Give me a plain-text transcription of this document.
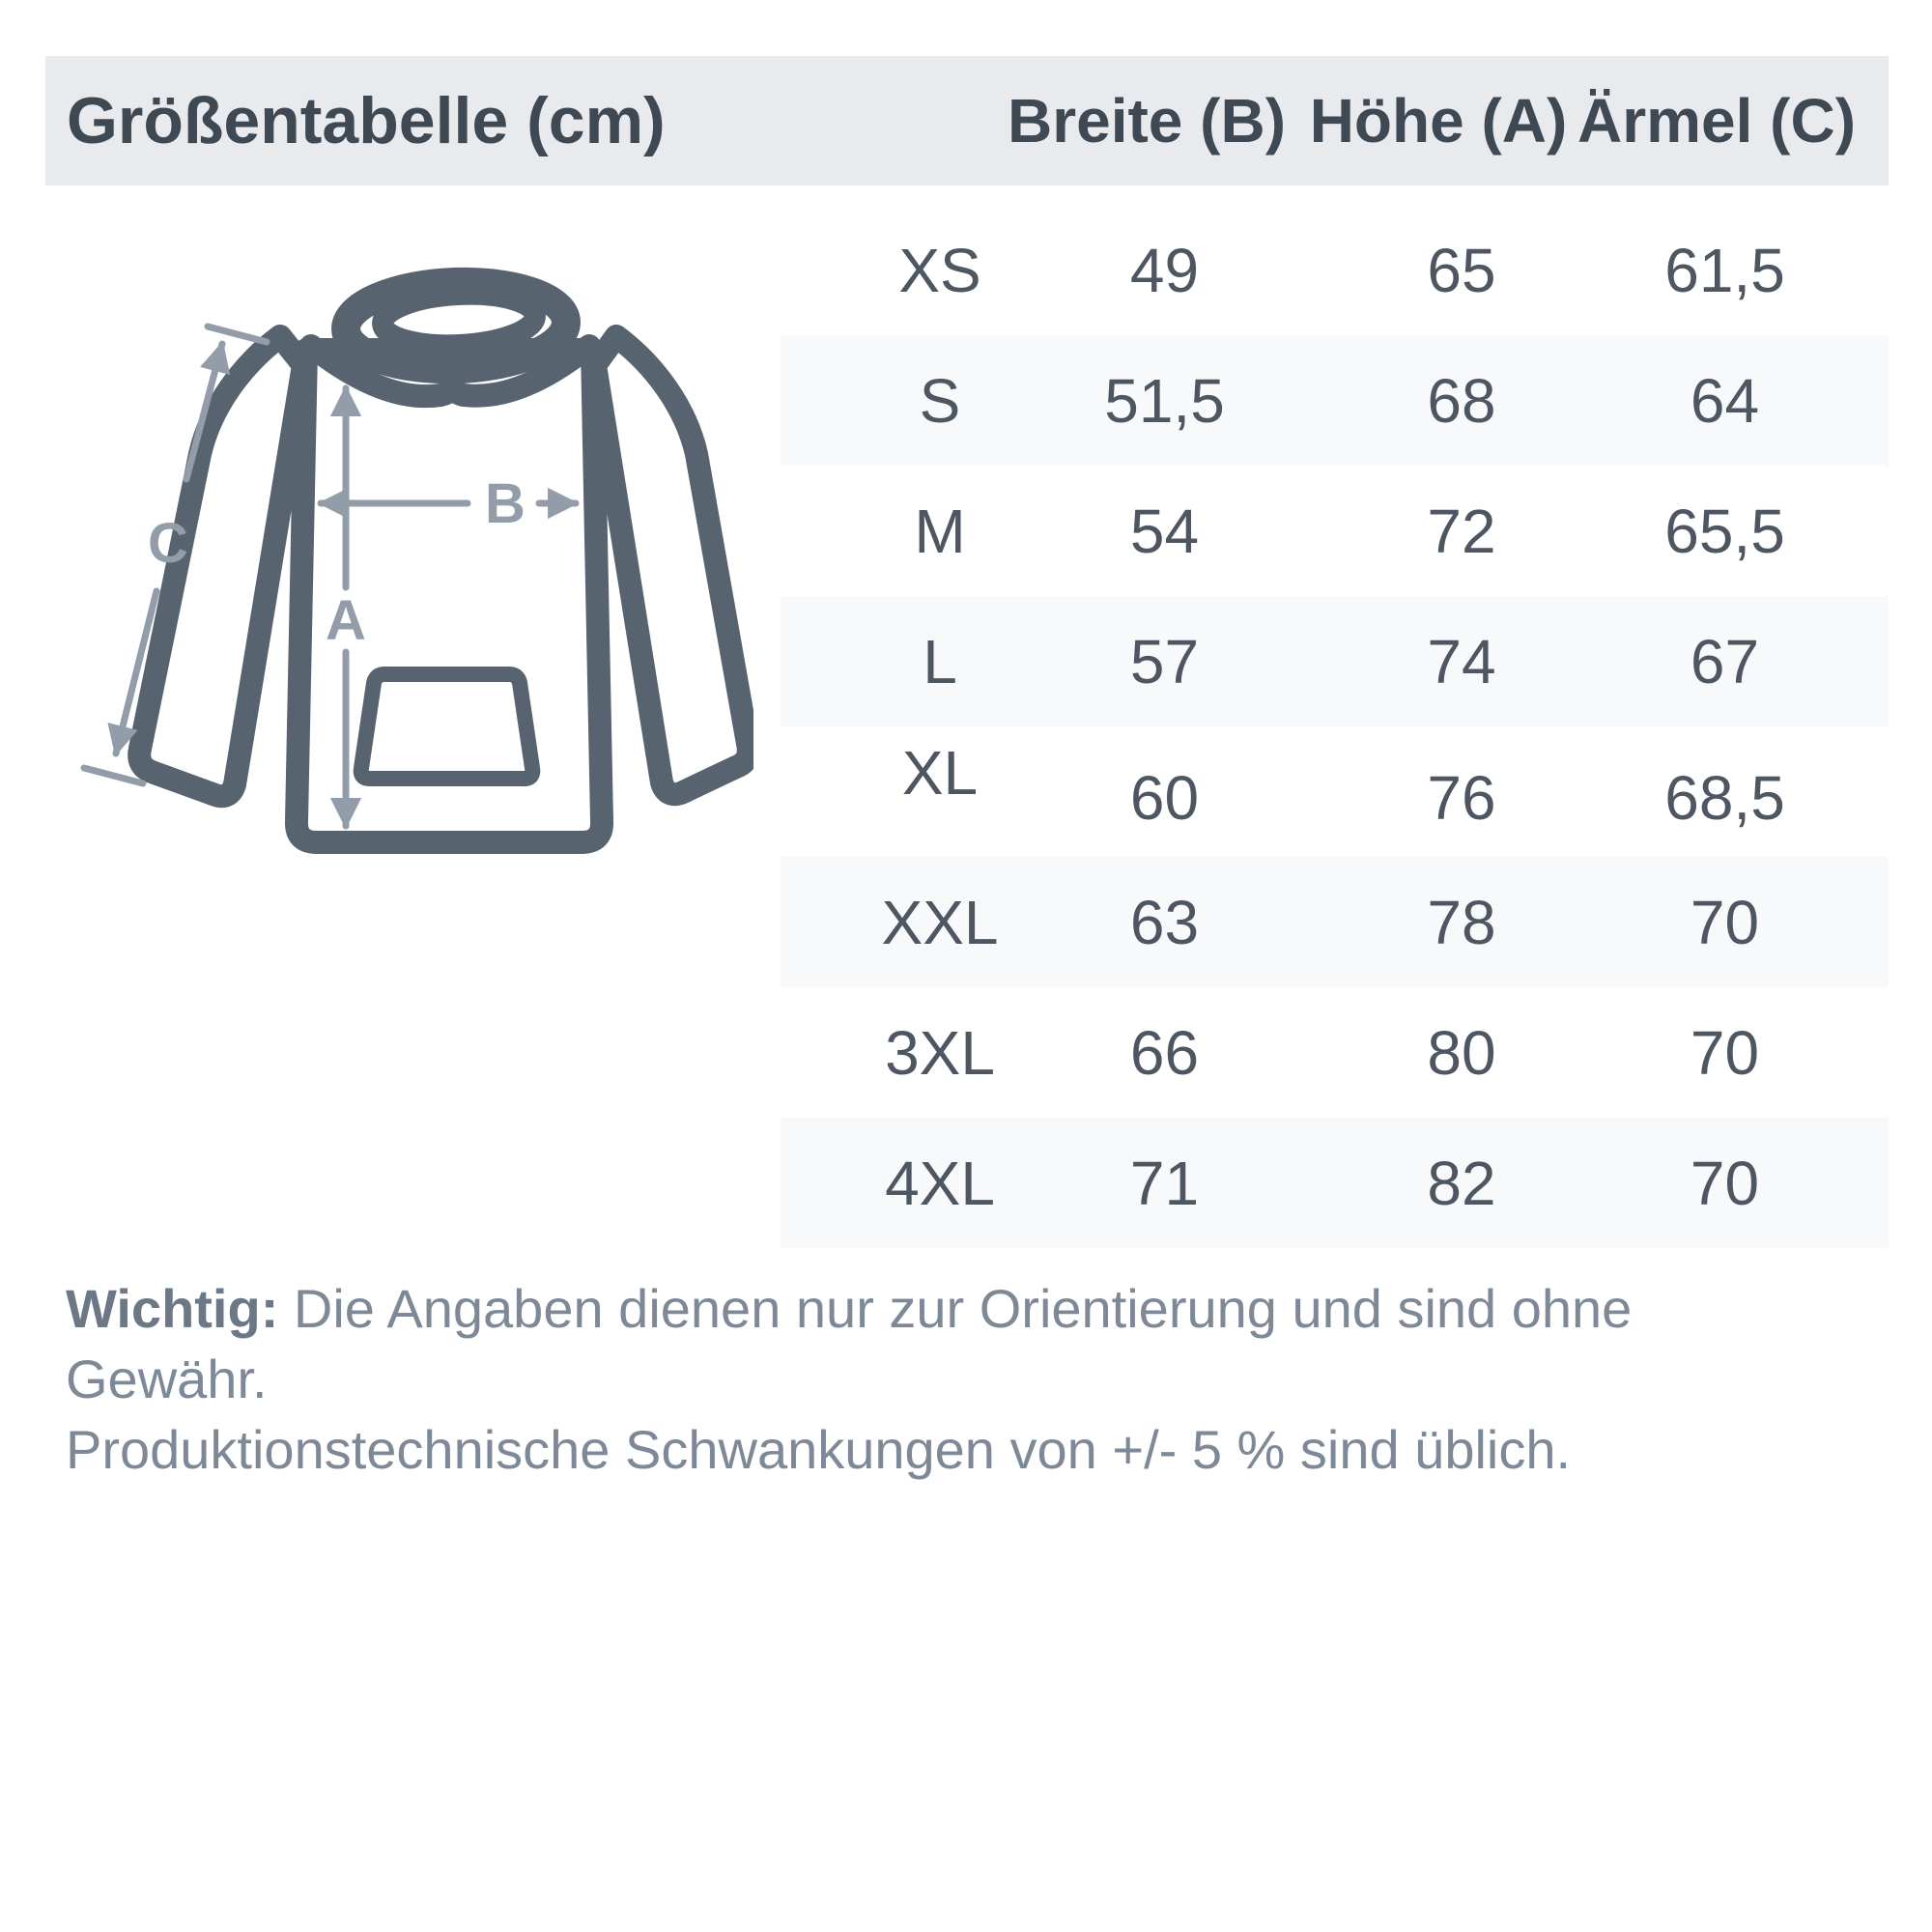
Größentabelle (cm)	Breite (B) Höhe (A) Ärmel (C)
XS	49	65	61,5
S	51,5	68	64
M	54	72	65,5
L	57	74	67
XL	60	76	68,5
XXL	63	78	70
3XL	66	80	70
4XL	71	82	70
A
B
C
Wichtig: Die Angaben dienen nur zur Orientierung und sind ohne Gewähr.
Produktionstechnische Schwankungen von +/- 5 % sind üblich.
